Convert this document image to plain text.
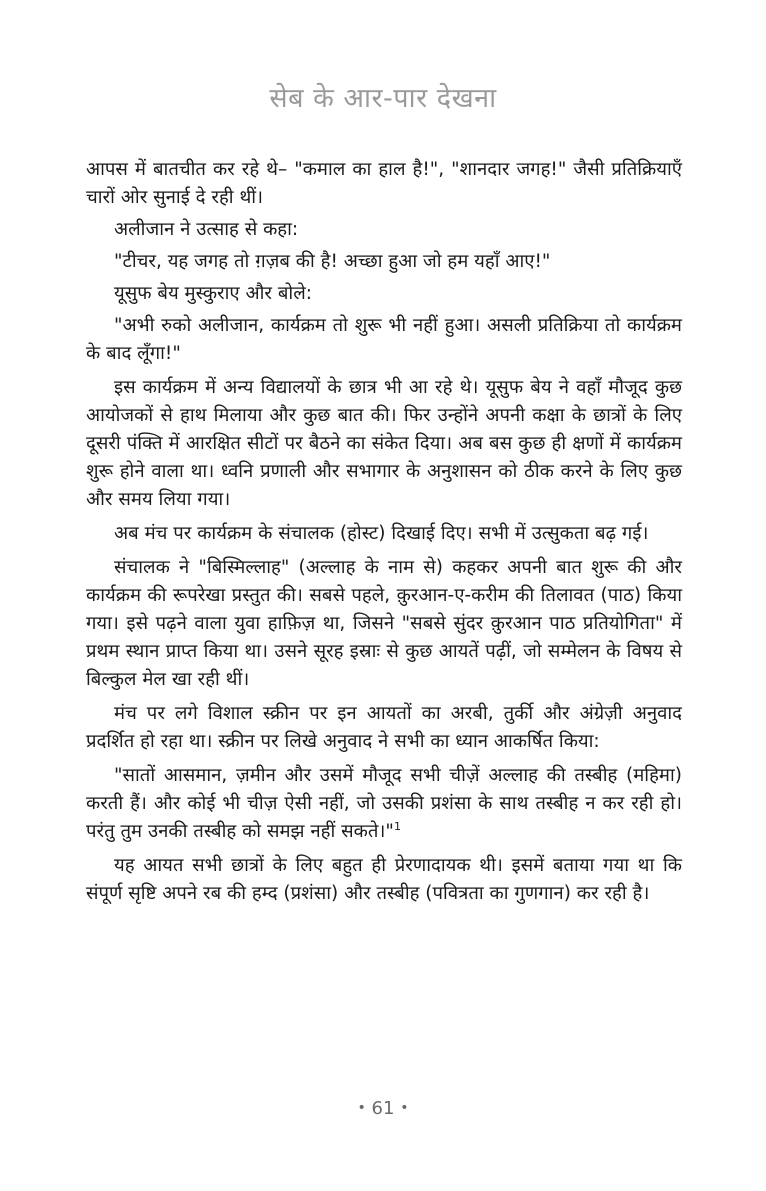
सेब के आर-पार देखना

आपस में बातचीत कर रहे थे– "कमाल का हाल है!", "शानदार जगह!" जैसी प्रतिक्रियाएँ चारों ओर सुनाई दे रही थीं।

अलीजान ने उत्साह से कहा:

"टीचर, यह जगह तो ग़ज़ब की है! अच्छा हुआ जो हम यहाँ आए!"

यूसुफ बेय मुस्कुराए और बोले:

"अभी रुको अलीजान, कार्यक्रम तो शुरू भी नहीं हुआ। असली प्रतिक्रिया तो कार्यक्रम के बाद लूँगा!"

इस कार्यक्रम में अन्य विद्यालयों के छात्र भी आ रहे थे। यूसुफ बेय ने वहाँ मौजूद कुछ आयोजकों से हाथ मिलाया और कुछ बात की। फिर उन्होंने अपनी कक्षा के छात्रों के लिए दूसरी पंक्ति में आरक्षित सीटों पर बैठने का संकेत दिया। अब बस कुछ ही क्षणों में कार्यक्रम शुरू होने वाला था। ध्वनि प्रणाली और सभागार के अनुशासन को ठीक करने के लिए कुछ और समय लिया गया।

अब मंच पर कार्यक्रम के संचालक (होस्ट) दिखाई दिए। सभी में उत्सुकता बढ़ गई।

संचालक ने "बिस्मिल्लाह" (अल्लाह के नाम से) कहकर अपनी बात शुरू की और कार्यक्रम की रूपरेखा प्रस्तुत की। सबसे पहले, क़ुरआन-ए-करीम की तिलावत (पाठ) किया गया। इसे पढ़ने वाला युवा हाफ़िज़ था, जिसने "सबसे सुंदर क़ुरआन पाठ प्रतियोगिता" में प्रथम स्थान प्राप्त किया था। उसने सूरह इस्राः से कुछ आयतें पढ़ीं, जो सम्मेलन के विषय से बिल्कुल मेल खा रही थीं।

मंच पर लगे विशाल स्क्रीन पर इन आयतों का अरबी, तुर्की और अंग्रेज़ी अनुवाद प्रदर्शित हो रहा था। स्क्रीन पर लिखे अनुवाद ने सभी का ध्यान आकर्षित किया:

"सातों आसमान, ज़मीन और उसमें मौजूद सभी चीज़ें अल्लाह की तस्बीह (महिमा) करती हैं। और कोई भी चीज़ ऐसी नहीं, जो उसकी प्रशंसा के साथ तस्बीह न कर रही हो। परंतु तुम उनकी तस्बीह को समझ नहीं सकते।"$^1$

यह आयत सभी छात्रों के लिए बहुत ही प्रेरणादायक थी। इसमें बताया गया था कि संपूर्ण सृष्टि अपने रब की हम्द (प्रशंसा) और तस्बीह (पवित्रता का गुणगान) कर रही है।

• 61 •
